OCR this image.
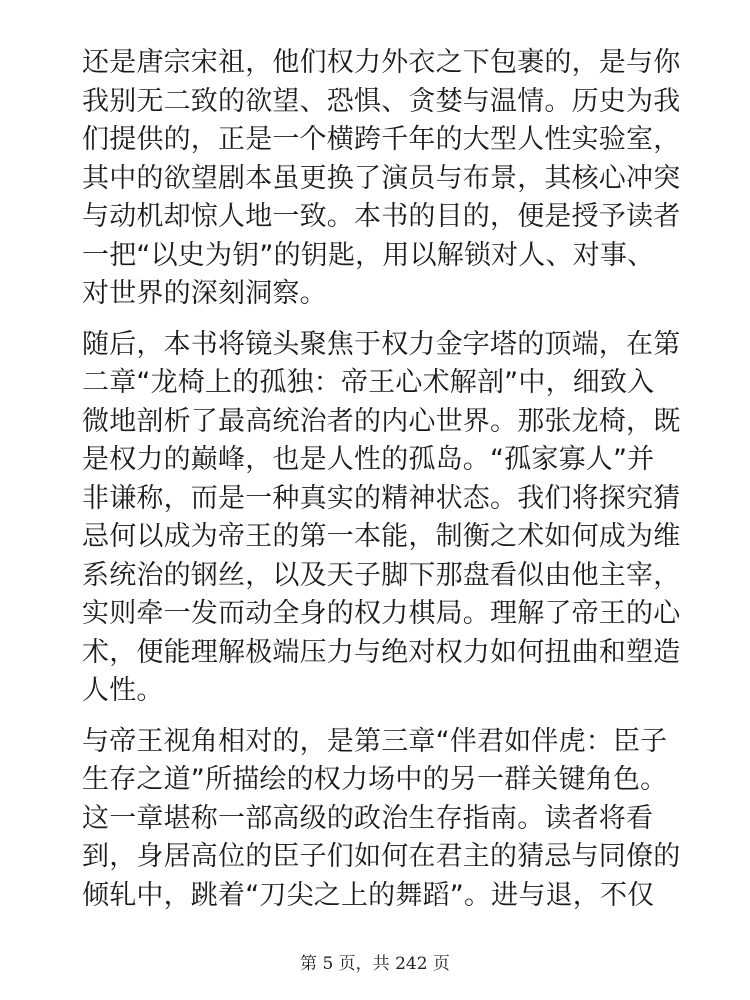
还是唐宗宋祖，他们权力外衣之下包裹的，是与你
我别无二致的欲望、恐惧、贪婪与温情。历史为我
们提供的，正是一个横跨千年的大型人性实验室，
其中的欲望剧本虽更换了演员与布景，其核心冲突
与动机却惊人地一致。本书的目的，便是授予读者
一把“以史为钥”的钥匙，用以解锁对人、对事、
对世界的深刻洞察。
随后，本书将镜头聚焦于权力金字塔的顶端，在第
二章“龙椅上的孤独：帝王心术解剖”中，细致入
微地剖析了最高统治者的内心世界。那张龙椅，既
是权力的巅峰，也是人性的孤岛。“孤家寡人”并
非谦称，而是一种真实的精神状态。我们将探究猜
忌何以成为帝王的第一本能，制衡之术如何成为维
系统治的钢丝，以及天子脚下那盘看似由他主宰，
实则牵一发而动全身的权力棋局。理解了帝王的心
术，便能理解极端压力与绝对权力如何扭曲和塑造
人性。
与帝王视角相对的，是第三章“伴君如伴虎：臣子
生存之道”所描绘的权力场中的另一群关键角色。
这一章堪称一部高级的政治生存指南。读者将看
到，身居高位的臣子们如何在君主的猜忌与同僚的
倾轧中，跳着“刀尖之上的舞蹈”。进与退，不仅
第 5 页，共 242 页
